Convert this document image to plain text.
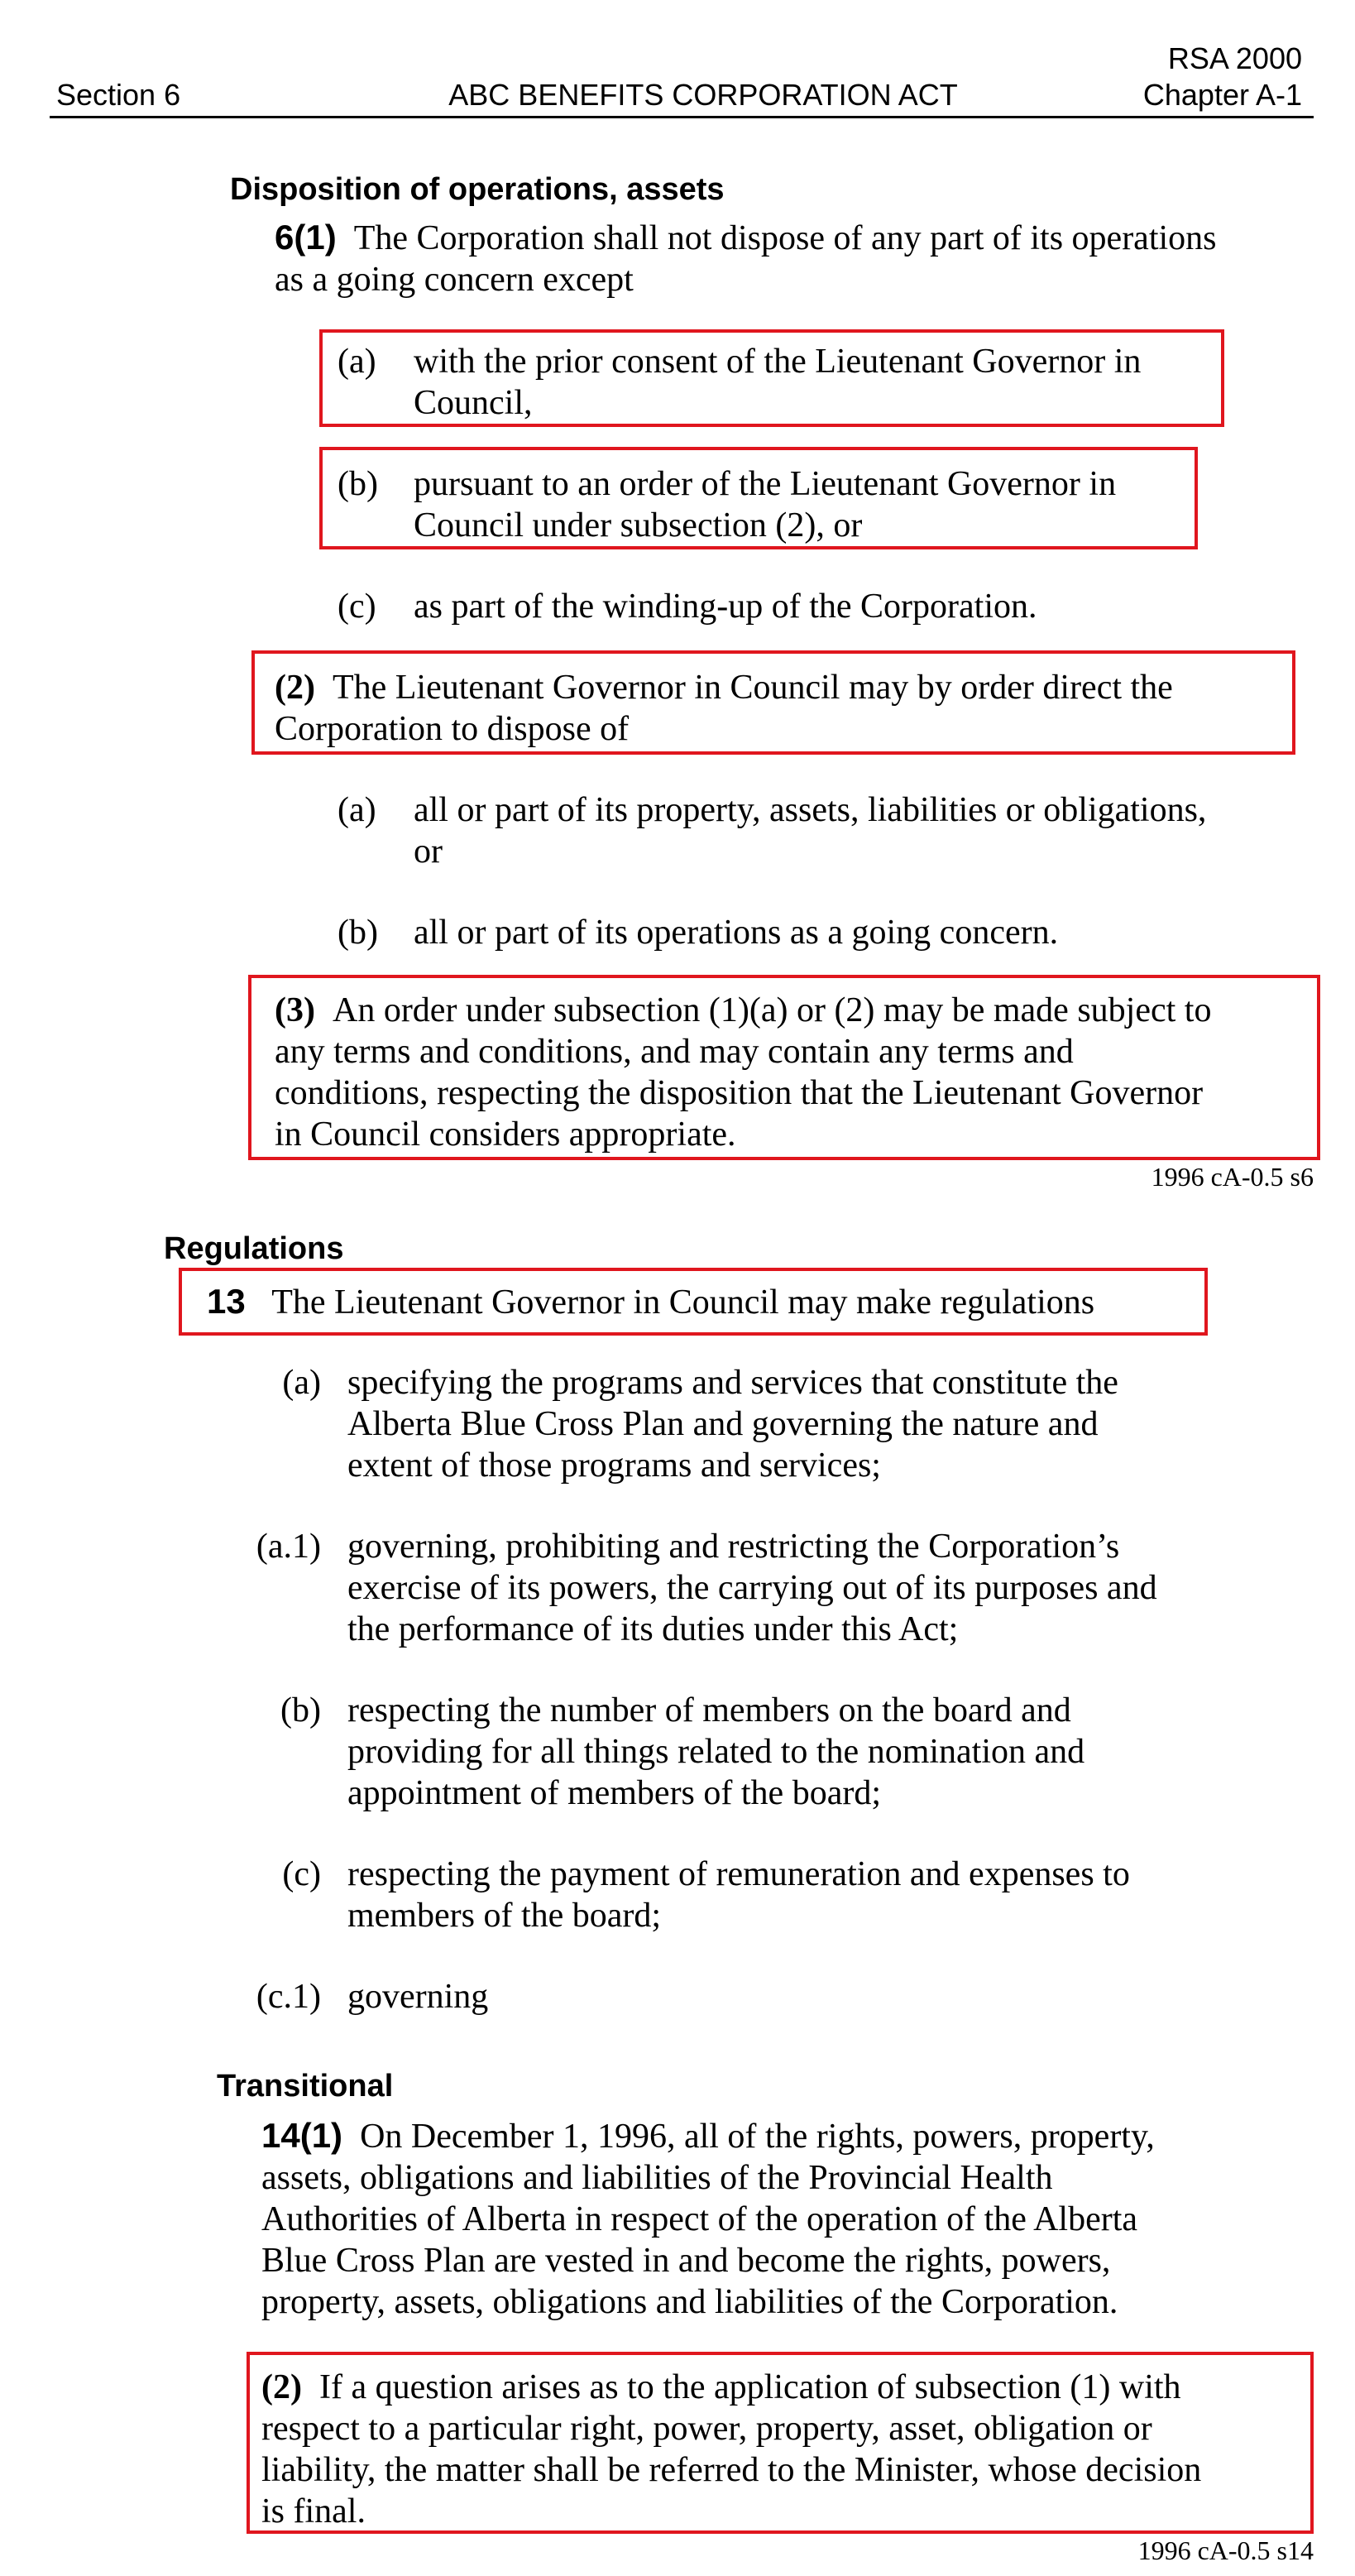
RSA 2000
Section 6	ABC BENEFITS CORPORATION ACT	Chapter A-1
Disposition of operations, assets
6(1) The Corporation shall not dispose of any part of its operations
as a going concern except
(a) with the prior consent of the Lieutenant Governor in
Council,
(b) pursuant to an order of the Lieutenant Governor in
Council under subsection (2), or
(c) as part of the winding-up of the Corporation.
(2) The Lieutenant Governor in Council may by order direct the
Corporation to dispose of
(a) all or part of its property, assets, liabilities or obligations,
or
(b) all or part of its operations as a going concern.
(3) An order under subsection (1)(a) or (2) may be made subject to
any terms and conditions, and may contain any terms and
conditions, respecting the disposition that the Lieutenant Governor
in Council considers appropriate.
1996 cA-0.5 s6
Regulations
13 The Lieutenant Governor in Council may make regulations
(a) specifying the programs and services that constitute the
Alberta Blue Cross Plan and governing the nature and
extent of those programs and services;
(a.1) governing, prohibiting and restricting the Corporation’s
exercise of its powers, the carrying out of its purposes and
the performance of its duties under this Act;
(b) respecting the number of members on the board and
providing for all things related to the nomination and
appointment of members of the board;
(c) respecting the payment of remuneration and expenses to
members of the board;
(c.1) governing
Transitional
14(1) On December 1, 1996, all of the rights, powers, property,
assets, obligations and liabilities of the Provincial Health
Authorities of Alberta in respect of the operation of the Alberta
Blue Cross Plan are vested in and become the rights, powers,
property, assets, obligations and liabilities of the Corporation.
(2) If a question arises as to the application of subsection (1) with
respect to a particular right, power, property, asset, obligation or
liability, the matter shall be referred to the Minister, whose decision
is final.
1996 cA-0.5 s14
